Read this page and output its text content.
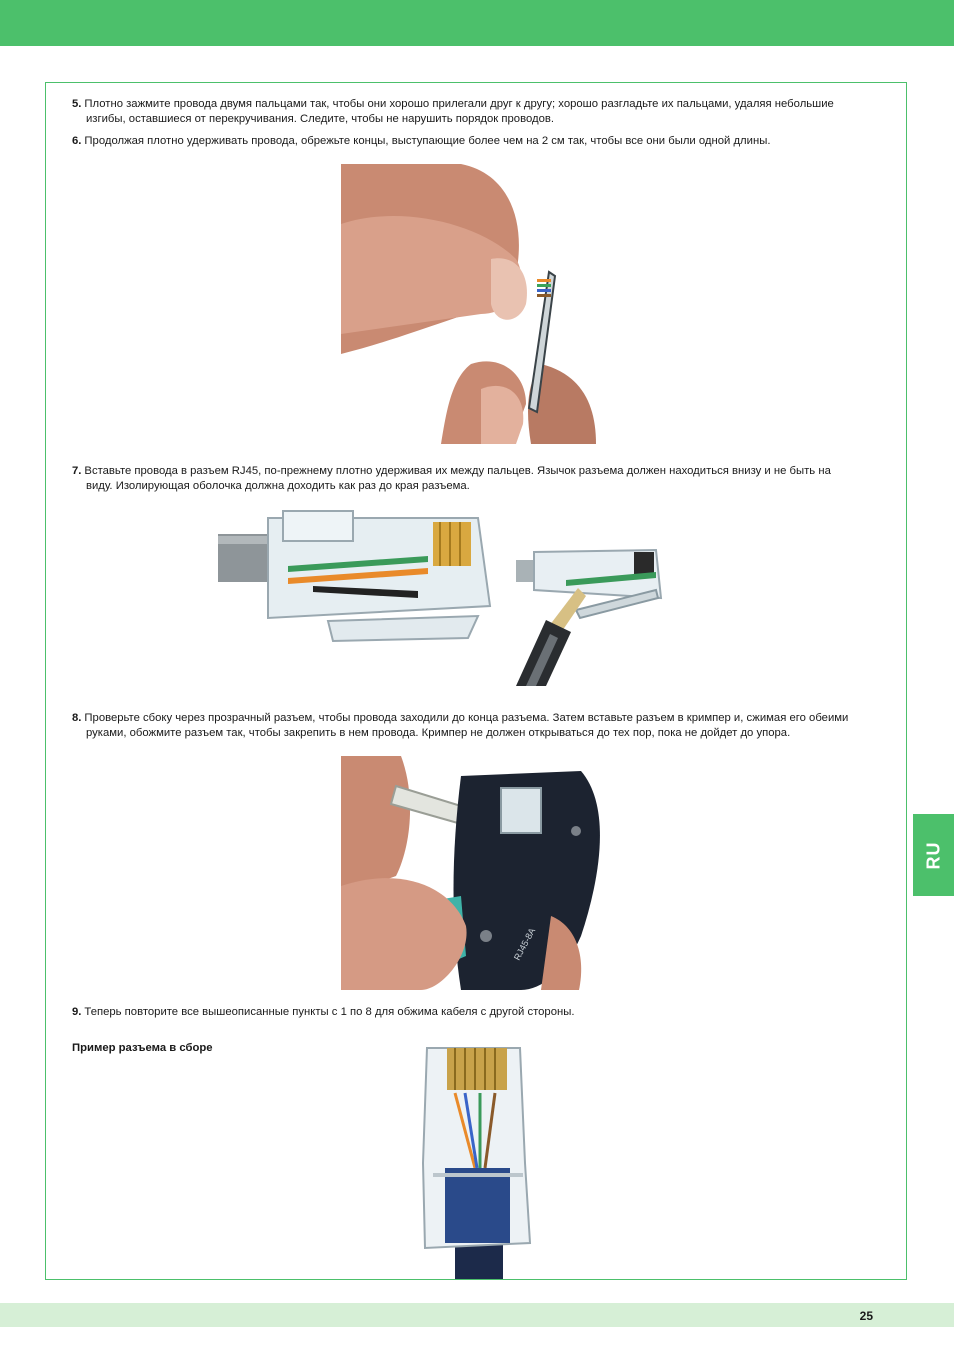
5. Плотно зажмите провода двумя пальцами так, чтобы они хорошо прилегали друг к другу; хорошо разгладьте их пальцами, удаляя небольшие
изгибы, оставшиеся от перекручивания. Следите, чтобы не нарушить порядок проводов.
6. Продолжая плотно удерживать провода, обрежьте концы, выступающие более чем на 2 см так, чтобы все они были одной длины.
7. Вставьте провода в разъем RJ45, по-прежнему плотно удерживая их между пальцев. Язычок разъема должен находиться внизу и не быть на
виду. Изолирующая оболочка должна доходить как раз до края разъема.
8. Проверьте сбоку через прозрачный разъем, чтобы провода заходили до конца разъема. Затем вставьте разъем в кримпер и, сжимая его обеими
руками, обожмите разъем так, чтобы закрепить в нем провода. Кримпер не должен открываться до тех пор, пока не дойдет до упора.
RJ45-8A
9. Теперь повторите все вышеописанные пункты с 1 по 8 для обжима кабеля с другой стороны.
Пример разъема в сборе
RU
25
